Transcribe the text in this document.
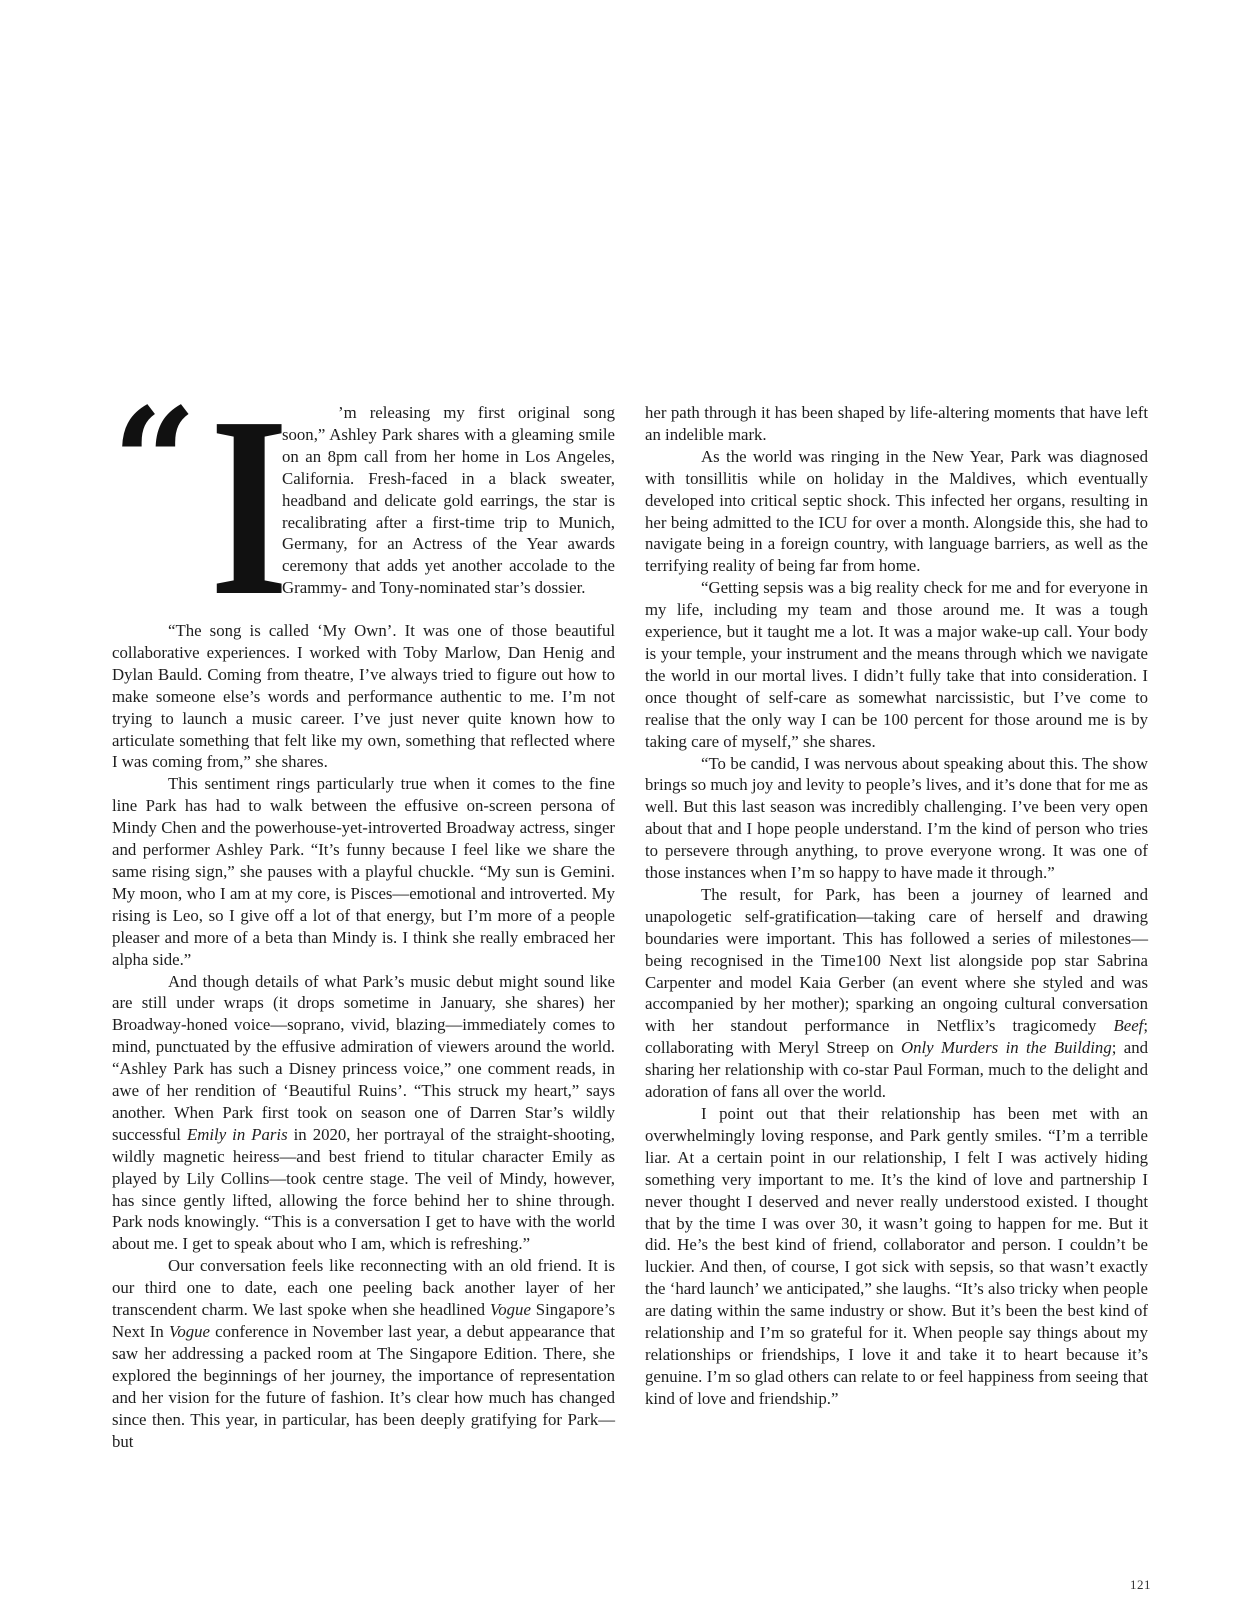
“ I	’m releasing my first original song soon,” Ashley Park shares with a gleaming smile on an 8pm call from her home in Los Angeles, California. Fresh-faced in a black sweater, headband and delicate gold earrings, the star is recalibrating after a first-time trip to Munich, Germany, for an Actress of the Year awards ceremony that adds yet another accolade to the Grammy- and Tony-nominated star’s dossier.

“The song is called ‘My Own’. It was one of those beautiful collaborative experiences. I worked with Toby Marlow, Dan Henig and Dylan Bauld. Coming from theatre, I’ve always tried to figure out how to make someone else’s words and performance authentic to me. I’m not trying to launch a music career. I’ve just never quite known how to articulate something that felt like my own, something that reflected where I was coming from,” she shares.

This sentiment rings particularly true when it comes to the fine line Park has had to walk between the effusive on-screen persona of Mindy Chen and the powerhouse-yet-introverted Broadway actress, singer and performer Ashley Park. “It’s funny because I feel like we share the same rising sign,” she pauses with a playful chuckle. “My sun is Gemini. My moon, who I am at my core, is Pisces—emotional and introverted. My rising is Leo, so I give off a lot of that energy, but I’m more of a people pleaser and more of a beta than Mindy is. I think she really embraced her alpha side.”

And though details of what Park’s music debut might sound like are still under wraps (it drops sometime in January, she shares) her Broadway-honed voice—soprano, vivid, blazing—immediately comes to mind, punctuated by the effusive admiration of viewers around the world. “Ashley Park has such a Disney princess voice,” one comment reads, in awe of her rendition of ‘Beautiful Ruins’. “This struck my heart,” says another. When Park first took on season one of Darren Star’s wildly successful Emily in Paris in 2020, her portrayal of the straight-shooting, wildly magnetic heiress—and best friend to titular character Emily as played by Lily Collins—took centre stage. The veil of Mindy, however, has since gently lifted, allowing the force behind her to shine through. Park nods knowingly. “This is a conversation I get to have with the world about me. I get to speak about who I am, which is refreshing.”

Our conversation feels like reconnecting with an old friend. It is our third one to date, each one peeling back another layer of her transcendent charm. We last spoke when she headlined Vogue Singapore’s Next In Vogue conference in November last year, a debut appearance that saw her addressing a packed room at The Singapore Edition. There, she explored the beginnings of her journey, the importance of representation and her vision for the future of fashion. It’s clear how much has changed since then. This year, in particular, has been deeply gratifying for Park—but

her path through it has been shaped by life-altering moments that have left an indelible mark.

As the world was ringing in the New Year, Park was diagnosed with tonsillitis while on holiday in the Maldives, which eventually developed into critical septic shock. This infected her organs, resulting in her being admitted to the ICU for over a month. Alongside this, she had to navigate being in a foreign country, with language barriers, as well as the terrifying reality of being far from home.

“Getting sepsis was a big reality check for me and for everyone in my life, including my team and those around me. It was a tough experience, but it taught me a lot. It was a major wake-up call. Your body is your temple, your instrument and the means through which we navigate the world in our mortal lives. I didn’t fully take that into consideration. I once thought of self-care as somewhat narcissistic, but I’ve come to realise that the only way I can be 100 percent for those around me is by taking care of myself,” she shares.

“To be candid, I was nervous about speaking about this. The show brings so much joy and levity to people’s lives, and it’s done that for me as well. But this last season was incredibly challenging. I’ve been very open about that and I hope people understand. I’m the kind of person who tries to persevere through anything, to prove everyone wrong. It was one of those instances when I’m so happy to have made it through.”

The result, for Park, has been a journey of learned and unapologetic self-gratification—taking care of herself and drawing boundaries were important. This has followed a series of milestones—being recognised in the Time100 Next list alongside pop star Sabrina Carpenter and model Kaia Gerber (an event where she styled and was accompanied by her mother); sparking an ongoing cultural conversation with her standout performance in Netflix’s tragicomedy Beef; collaborating with Meryl Streep on Only Murders in the Building; and sharing her relationship with co-star Paul Forman, much to the delight and adoration of fans all over the world.

I point out that their relationship has been met with an overwhelmingly loving response, and Park gently smiles. “I’m a terrible liar. At a certain point in our relationship, I felt I was actively hiding something very important to me. It’s the kind of love and partnership I never thought I deserved and never really understood existed. I thought that by the time I was over 30, it wasn’t going to happen for me. But it did. He’s the best kind of friend, collaborator and person. I couldn’t be luckier. And then, of course, I got sick with sepsis, so that wasn’t exactly the ‘hard launch’ we anticipated,” she laughs. “It’s also tricky when people are dating within the same industry or show. But it’s been the best kind of relationship and I’m so grateful for it. When people say things about my relationships or friendships, I love it and take it to heart because it’s genuine. I’m so glad others can relate to or feel happiness from seeing that kind of love and friendship.”

121
